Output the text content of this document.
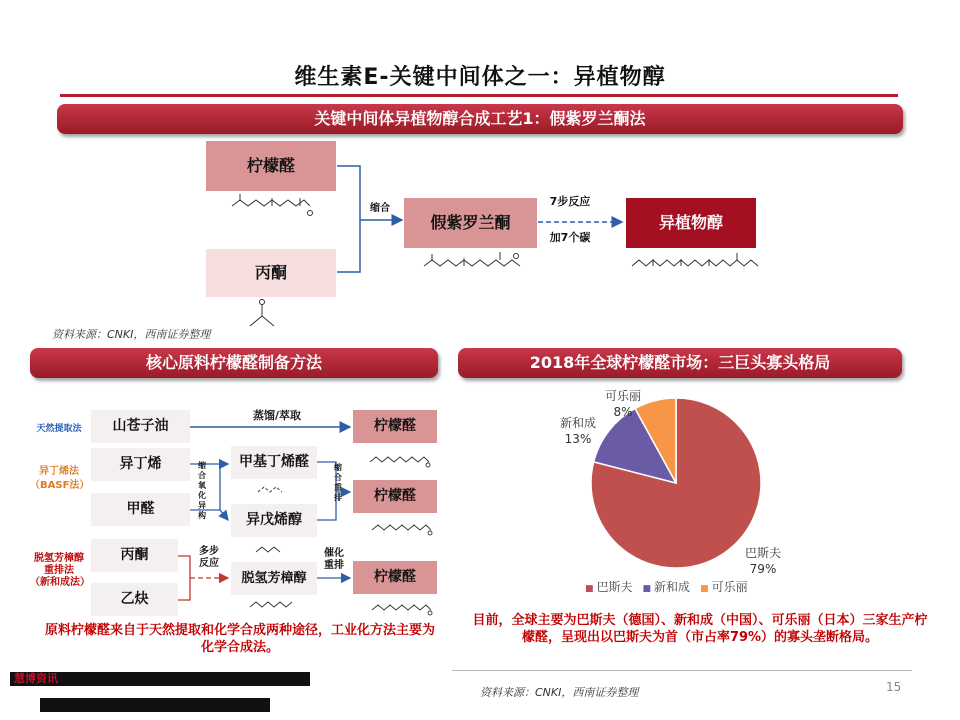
维生素E-关键中间体之一：异植物醇
关键中间体异植物醇合成工艺1：假紫罗兰酮法
核心原料柠檬醛制备方法	2018年全球柠檬醛市场：三巨头寡头格局
柠檬醛
丙酮
假紫罗兰酮	异植物醇
缩合
7步反应
加7个碳
资料来源：CNKI，西南证券整理
天然提取法	山苍子油
蒸馏/萃取
柠檬醛
异丁烯法
（BASF法）
异丁烯
甲醛
缩合 氧化 异构
甲基丁烯醛
异戊烯醇
缩合 重排	柠檬醛
脱氢芳樟醇
重排法
（新和成法）
丙酮
乙炔
多步 反应
脱氢芳樟醇
催化 重排
柠檬醛
原料柠檬醛来自于天然提取和化学合成两种途径，工业化方法主要为化学合成法。
目前，全球主要为巴斯夫（德国）、新和成（中国）、可乐丽（日本）三家生产柠檬醛，呈现出以巴斯夫为首（市占率79%）的寡头垄断格局。
资料来源：CNKI，西南证券整理	15
慧博资讯
巴斯夫
79%
新和成
13%
可乐丽
8%
■ 巴斯夫 ■ 新和成 ■ 可乐丽
